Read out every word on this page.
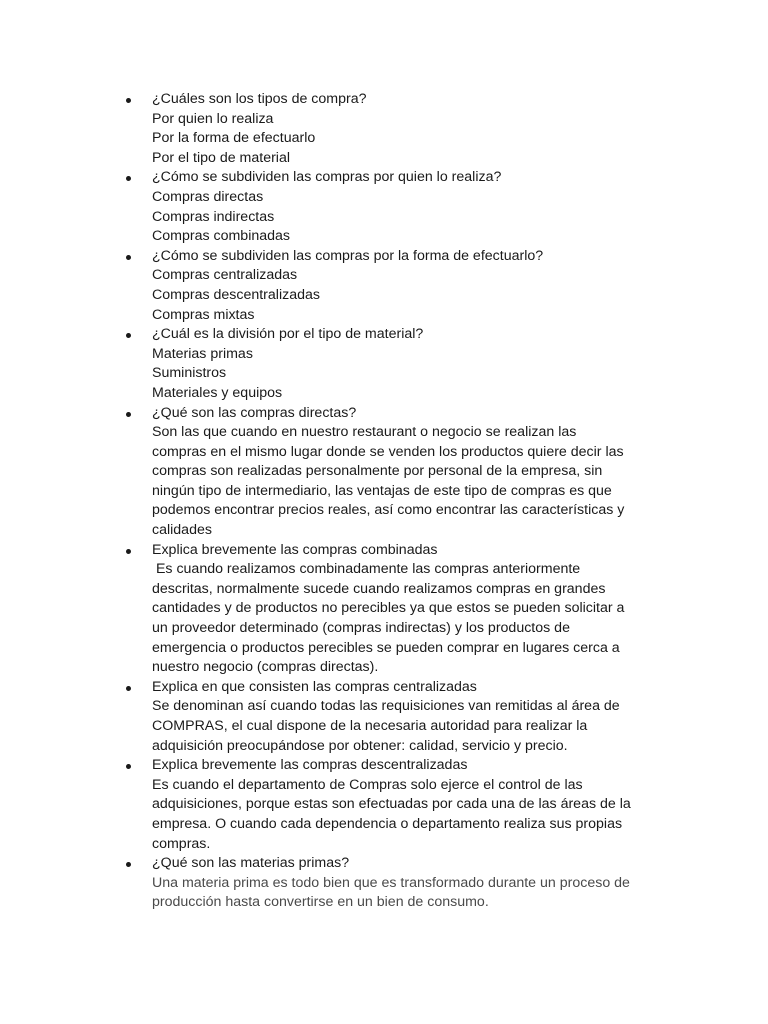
¿Cuáles son los tipos de compra?
Por quien lo realiza
Por la forma de efectuarlo
Por el tipo de material
¿Cómo se subdividen las compras por quien lo realiza?
Compras directas
Compras indirectas
Compras combinadas
¿Cómo se subdividen las compras por la forma de efectuarlo?
Compras centralizadas
Compras descentralizadas
Compras mixtas
¿Cuál es la división por el tipo de material?
Materias primas
Suministros
Materiales y equipos
¿Qué son las compras directas?
Son las que cuando en nuestro restaurant o negocio se realizan las
compras en el mismo lugar donde se venden los productos quiere decir las
compras son realizadas personalmente por personal de la empresa, sin
ningún tipo de intermediario, las ventajas de este tipo de compras es que
podemos encontrar precios reales, así como encontrar las características y
calidades
Explica brevemente las compras combinadas
Es cuando realizamos combinadamente las compras anteriormente
descritas, normalmente sucede cuando realizamos compras en grandes
cantidades y de productos no perecibles ya que estos se pueden solicitar a
un proveedor determinado (compras indirectas) y los productos de
emergencia o productos perecibles se pueden comprar en lugares cerca a
nuestro negocio (compras directas).
Explica en que consisten las compras centralizadas
Se denominan así cuando todas las requisiciones van remitidas al área de
COMPRAS, el cual dispone de la necesaria autoridad para realizar la
adquisición preocupándose por obtener: calidad, servicio y precio.
Explica brevemente las compras descentralizadas
Es cuando el departamento de Compras solo ejerce el control de las
adquisiciones, porque estas son efectuadas por cada una de las áreas de la
empresa. O cuando cada dependencia o departamento realiza sus propias
compras.
¿Qué son las materias primas?
Una materia prima es todo bien que es transformado durante un proceso de
producción hasta convertirse en un bien de consumo.
